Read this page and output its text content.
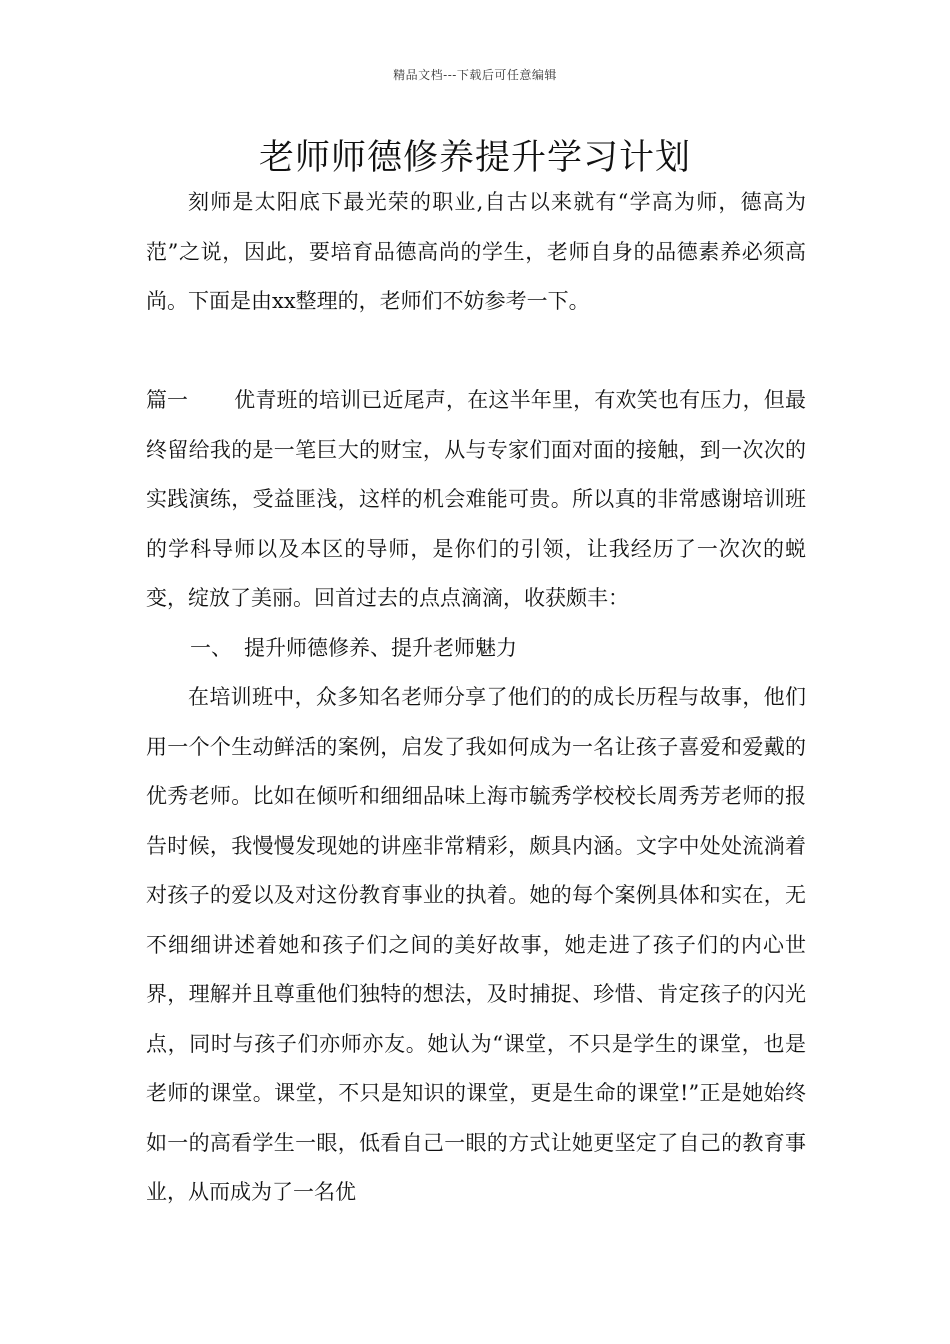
精品文档---下载后可任意编辑
老师师德修养提升学习计划

刻师是太阳底下最光荣的职业,自古以来就有“学高为师，德高为范”之说，因此，要培育品德高尚的学生，老师自身的品德素养必须高尚。下面是由xx整理的，老师们不妨参考一下。

篇一 优青班的培训已近尾声，在这半年里，有欢笑也有压力，但最终留给我的是一笔巨大的财宝，从与专家们面对面的接触，到一次次的实践演练，受益匪浅，这样的机会难能可贵。所以真的非常感谢培训班的学科导师以及本区的导师，是你们的引领，让我经历了一次次的蜕变，绽放了美丽。回首过去的点点滴滴，收获颇丰：

一、 提升师德修养、提升老师魅力

在培训班中，众多知名老师分享了他们的的成长历程与故事，他们用一个个生动鲜活的案例，启发了我如何成为一名让孩子喜爱和爱戴的优秀老师。比如在倾听和细细品味上海市毓秀学校校长周秀芳老师的报告时候，我慢慢发现她的讲座非常精彩，颇具内涵。文字中处处流淌着对孩子的爱以及对这份教育事业的执着。她的每个案例具体和实在，无不细细讲述着她和孩子们之间的美好故事，她走进了孩子们的内心世界，理解并且尊重他们独特的想法，及时捕捉、珍惜、肯定孩子的闪光点，同时与孩子们亦师亦友。她认为“课堂，不只是学生的课堂，也是老师的课堂。课堂，不只是知识的课堂，更是生命的课堂!”正是她始终如一的高看学生一眼，低看自己一眼的方式让她更坚定了自己的教育事业，从而成为了一名优
